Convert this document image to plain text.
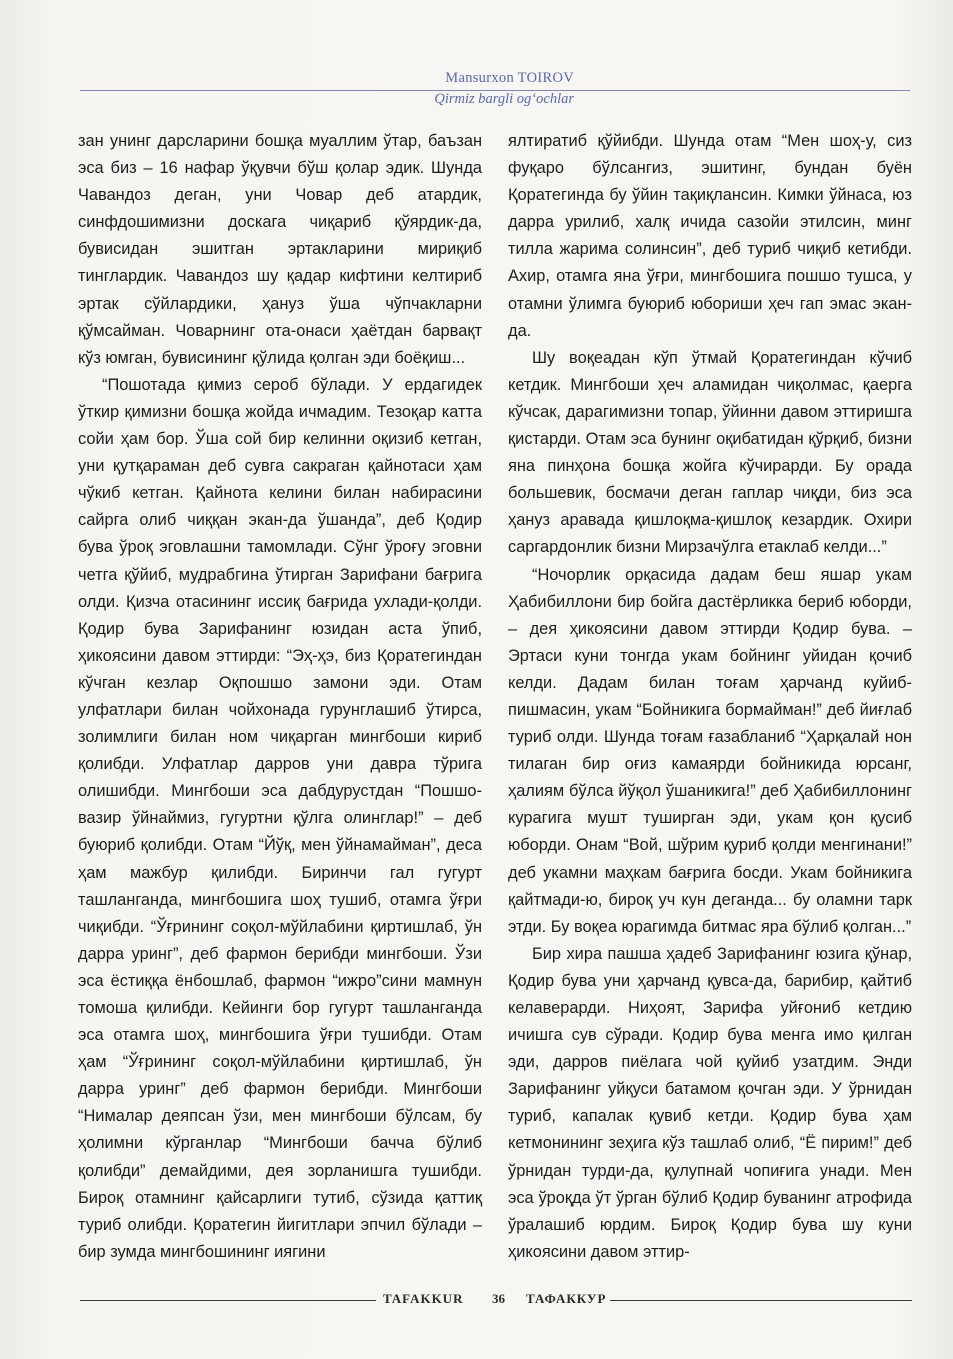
Mansurxon TOIROV
Qirmiz bargli og‘ochlar

зан унинг дарсларини бошқа муаллим ўтар, баъзан эса биз – 16 нафар ўқувчи бўш қолар эдик. Шунда Чавандоз деган, уни Човар деб атардик, синфдошимизни доскага чиқариб қўярдик-да, бувисидан эшитган эртакларини мириқиб тинглардик. Чавандоз шу қадар кифтини келтириб эртак сўйлардики, ҳануз ўша чўпчакларни қўмсайман. Човарнинг ота-онаси ҳаётдан барвақт кўз юмган, бувисининг қўлида қолган эди боёқиш...

“Пошотада қимиз сероб бўлади. У ердагидек ўткир қимизни бошқа жойда ичмадим. Тезоқар катта сойи ҳам бор. Ўша сой бир келинни оқизиб кетган, уни қутқараман деб сувга сакраган қайнотаси ҳам чўкиб кетган. Қайнота келини билан набирасини сайрга олиб чиққан экан-да ўшанда”, деб Қодир бува ўроқ эговлашни тамомлади. Сўнг ўроғу эговни четга қўйиб, мудрабгина ўтирган Зарифани бағрига олди. Қизча отасининг иссиқ бағрида ухлади-қолди. Қодир бува Зарифанинг юзидан аста ўпиб, ҳикоясини давом эттирди: “Эҳ-ҳэ, биз Қоратегиндан кўчган кезлар Оқпошшо замони эди. Отам улфатлари билан чойхонада гурунглашиб ўтирса, золимлиги билан ном чиқарган мингбоши кириб қолибди. Улфатлар дарров уни давра тўрига олишибди. Мингбоши эса дабдурустдан “Пошшо-вазир ўйнаймиз, гугуртни қўлга олинглар!” – деб буюриб қолибди. Отам “Йўқ, мен ўйнамайман”, деса ҳам мажбур қилибди. Биринчи гал гугурт ташланганда, мингбошига шоҳ тушиб, отамга ўғри чиқибди. “Ўғрининг соқол-мўйлабини қиртишлаб, ўн дарра уринг”, деб фармон берибди мингбоши. Ўзи эса ёстиққа ёнбошлаб, фармон “ижро”сини мамнун томоша қилибди. Кейинги бор гугурт ташланганда эса отамга шоҳ, мингбошига ўғри тушибди. Отам ҳам “Ўғрининг соқол-мўйлабини қиртишлаб, ўн дарра уринг” деб фармон берибди. Мингбоши “Нималар деяпсан ўзи, мен мингбоши бўлсам, бу ҳолимни кўрганлар “Мингбоши бачча бўлиб қолибди” демайдими, дея зорланишга тушибди. Бироқ отамнинг қайсарлиги тутиб, сўзида қаттиқ туриб олибди. Қоратегин йигитлари эпчил бўлади – бир зумда мингбошининг иягини

ялтиратиб қўйибди. Шунда отам “Мен шоҳ-у, сиз фуқаро бўлсангиз, эшитинг, бундан буён Қоратегинда бу ўйин тақиқлансин. Кимки ўйнаса, юз дарра урилиб, халқ ичида сазойи этилсин, минг тилла жарима солинсин”, деб туриб чиқиб кетибди. Ахир, отамга яна ўғри, мингбошига пошшо тушса, у отамни ўлимга буюриб юбориши ҳеч гап эмас экан-да.

Шу воқеадан кўп ўтмай Қоратегиндан кўчиб кетдик. Мингбоши ҳеч аламидан чиқолмас, қаерга кўчсак, дарагимизни топар, ўйинни давом эттиришга қистарди. Отам эса бунинг оқибатидан қўрқиб, бизни яна пинҳона бошқа жойга кўчирарди. Бу орада большевик, босмачи деган гаплар чиқди, биз эса ҳануз аравада қишлоқма-қишлоқ кезардик. Охири саргардонлик бизни Мирзачўлга етаклаб келди...”

“Ночорлик орқасида дадам беш яшар укам Ҳабибиллони бир бойга дастёрликка бериб юборди, – дея ҳикоясини давом эттирди Қодир бува. – Эртаси куни тонгда укам бойнинг уйидан қочиб келди. Дадам билан тоғам ҳарчанд куйиб-пишмасин, укам “Бойникига бормайман!” деб йиғлаб туриб олди. Шунда тоғам ғазабланиб “Ҳарқалай нон тилаган бир оғиз камаярди бойникида юрсанг, ҳалиям бўлса йўқол ўшаникига!” деб Ҳабибиллонинг курагига мушт туширган эди, укам қон қусиб юборди. Онам “Вой, шўрим қуриб қолди менгинани!” деб укамни маҳкам бағрига босди. Укам бойникига қайтмади-ю, бироқ уч кун деганда... бу оламни тарк этди. Бу воқеа юрагимда битмас яра бўлиб қолган...”

Бир хира пашша ҳадеб Зарифанинг юзига қўнар, Қодир бува уни ҳарчанд қувса-да, барибир, қайтиб келаверарди. Ниҳоят, Зарифа уйғониб кетдию ичишга сув сўради. Қодир бува менга имо қилган эди, дарров пиёлага чой қуйиб узатдим. Энди Зарифанинг уйқуси батамом қочган эди. У ўрнидан туриб, капалак қувиб кетди. Қодир бува ҳам кетмонининг зеҳига кўз ташлаб олиб, “Ё пирим!” деб ўрнидан турди-да, қулупнай чопиғига унади. Мен эса ўроқда ўт ўрган бўлиб Қодир буванинг атрофида ўралашиб юрдим. Бироқ Қодир бува шу куни ҳикоясини давом эттир-

TAFAKKUR 36 ТАФАККУР
